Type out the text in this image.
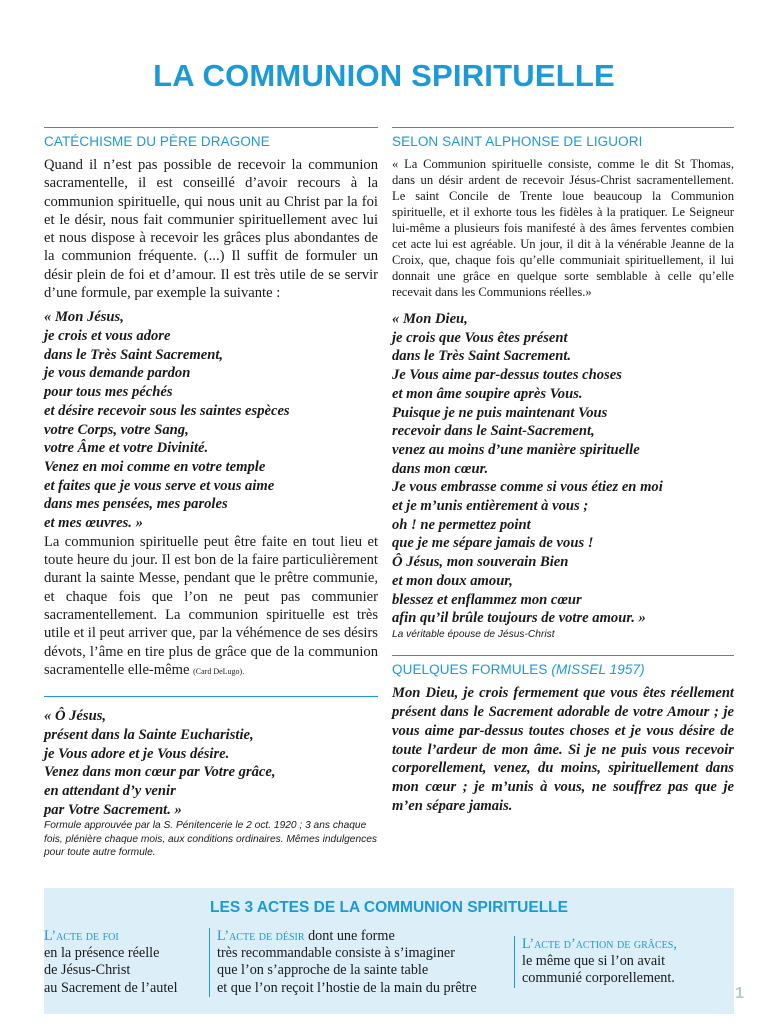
LA COMMUNION SPIRITUELLE
CATÉCHISME DU PÈRE DRAGONE

Quand il n’est pas possible de recevoir la communion sacramentelle, il est conseillé d’avoir recours à la communion spirituelle, qui nous unit au Christ par la foi et le désir, nous fait communier spirituellement avec lui et nous dispose à recevoir les grâces plus abondantes de la communion fréquente. (...) Il suffit de formuler un désir plein de foi et d’amour. Il est très utile de se servir d’une formule, par exemple la suivante :

« Mon Jésus,
je crois et vous adore
dans le Très Saint Sacrement,
je vous demande pardon
pour tous mes péchés
et désire recevoir sous les saintes espèces
votre Corps, votre Sang,
votre Âme et votre Divinité.
Venez en moi comme en votre temple
et faites que je vous serve et vous aime
dans mes pensées, mes paroles
et mes œuvres. »

La communion spirituelle peut être faite en tout lieu et toute heure du jour. Il est bon de la faire particulièrement durant la sainte Messe, pendant que le prêtre communie, et chaque fois que l’on ne peut pas communier sacramentellement. La communion spirituelle est très utile et il peut arriver que, par la véhémence de ses désirs dévots, l’âme en tire plus de grâce que de la communion sacramentelle elle-même (Card DeLugo).

« Ô Jésus,
présent dans la Sainte Eucharistie,
je Vous adore et je Vous désire.
Venez dans mon cœur par Votre grâce,
en attendant d’y venir
par Votre Sacrement. »

Formule approuvée par la S. Pénitencerie le 2 oct. 1920 ; 3 ans chaque fois, plénière chaque mois, aux conditions ordinaires. Mêmes indulgences pour toute autre formule.

SELON SAINT ALPHONSE DE LIGUORI

« La Communion spirituelle consiste, comme le dit St Thomas, dans un désir ardent de recevoir Jésus-Christ sacramentellement. Le saint Concile de Trente loue beaucoup la Communion spirituelle, et il exhorte tous les fidèles à la pratiquer. Le Seigneur lui-même a plusieurs fois manifesté à des âmes ferventes combien cet acte lui est agréable. Un jour, il dit à la vénérable Jeanne de la Croix, que, chaque fois qu’elle communiait spirituellement, il lui donnait une grâce en quelque sorte semblable à celle qu’elle recevait dans les Communions réelles.»

« Mon Dieu,
je crois que Vous êtes présent
dans le Très Saint Sacrement.
Je Vous aime par-dessus toutes choses
et mon âme soupire après Vous.
Puisque je ne puis maintenant Vous
recevoir dans le Saint-Sacrement,
venez au moins d’une manière spirituelle
dans mon cœur.
Je vous embrasse comme si vous étiez en moi
et je m’unis entièrement à vous ;
oh ! ne permettez point
que je me sépare jamais de vous !
Ô Jésus, mon souverain Bien
et mon doux amour,
blessez et enflammez mon cœur
afin qu’il brûle toujours de votre amour. »

La véritable épouse de Jésus-Christ

QUELQUES FORMULES (MISSEL 1957)

Mon Dieu, je crois fermement que vous êtes réellement présent dans le Sacrement adorable de votre Amour ; je vous aime par-dessus toutes choses et je vous désire de toute l’ardeur de mon âme. Si je ne puis vous recevoir corporellement, venez, du moins, spirituellement dans mon cœur ; je m’unis à vous, ne souffrez pas que je m’en sépare jamais.

LES 3 ACTES DE LA COMMUNION SPIRITUELLE
L’acte de foi
en la présence réelle
de Jésus-Christ
au Sacrement de l’autel
L’acte de désir dont une forme
très recommandable consiste à s’imaginer
que l’on s’approche de la sainte table
et que l’on reçoit l’hostie de la main du prêtre
L’acte d’action de grâces,
le même que si l’on avait
communié corporellement.
1
